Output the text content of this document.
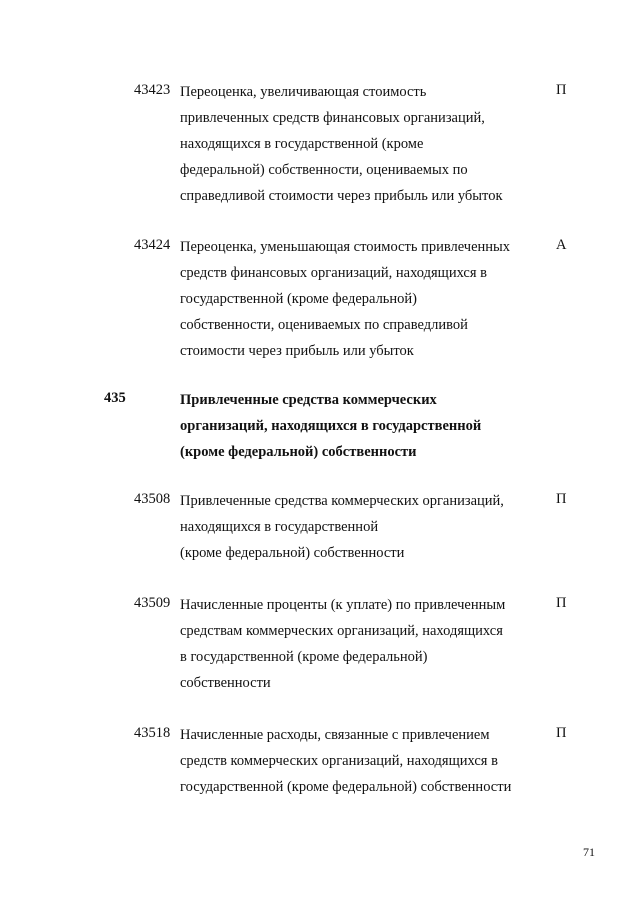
43423 Переоценка, увеличивающая стоимость
привлеченных средств финансовых организаций,
находящихся в государственной (кроме
федеральной) собственности, оцениваемых по
справедливой стоимости через прибыль или убыток
П
43424 Переоценка, уменьшающая стоимость привлеченных
средств финансовых организаций, находящихся в
государственной (кроме федеральной)
собственности, оцениваемых по справедливой
стоимости через прибыль или убыток
А
435	Привлеченные средства коммерческих
организаций, находящихся в государственной
(кроме федеральной) собственности
43508 Привлеченные средства коммерческих организаций,
находящихся в государственной
(кроме федеральной) собственности
П
43509 Начисленные проценты (к уплате) по привлеченным
средствам коммерческих организаций, находящихся
в государственной (кроме федеральной)
собственности
П
43518 Начисленные расходы, связанные с привлечением
средств коммерческих организаций, находящихся в
государственной (кроме федеральной) собственности
П
71
